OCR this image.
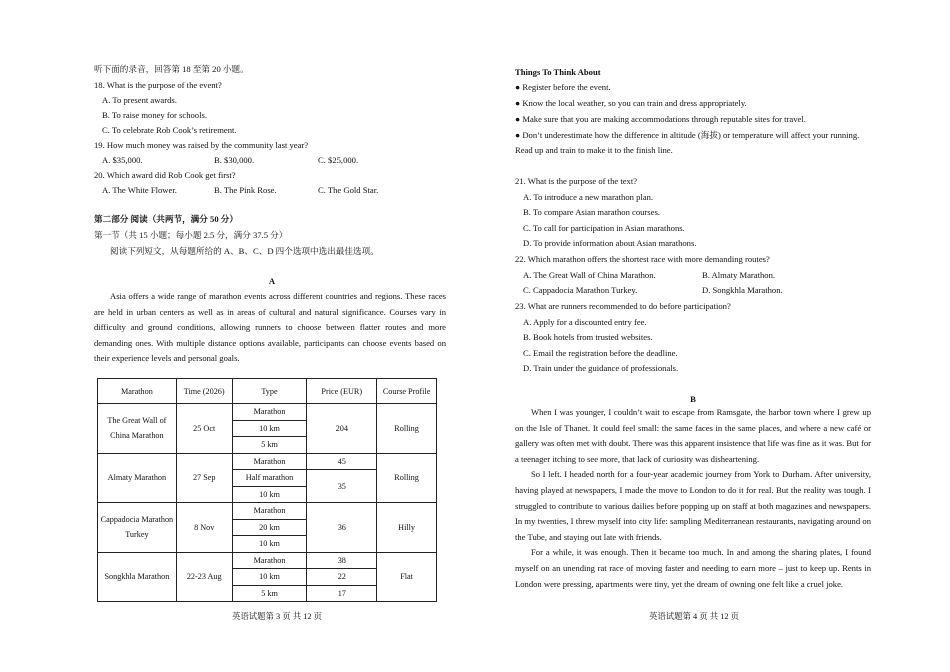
听下面的录音，回答第 18 至第 20 小题。
18. What is the purpose of the event?
A. To present awards.
B. To raise money for schools.
C. To celebrate Rob Cook’s retirement.
19. How much money was raised by the community last year?
A. $35,000.	B. $30,000.	C. $25,000.
20. Which award did Rob Cook get first?
A. The White Flower.	B. The Pink Rose.	C. The Gold Star.
第二部分 阅读（共两节，满分 50 分）
第一节（共 15 小题；每小题 2.5 分，满分 37.5 分）
阅读下列短文，从每题所给的 A、B、C、D 四个选项中选出最佳选项。
A

Asia offers a wide range of marathon events across different countries and regions. These races are held in urban centers as well as in areas of cultural and natural significance. Courses vary in difficulty and ground conditions, allowing runners to choose between flatter routes and more demanding ones. With multiple distance options available, participants can choose events based on their experience levels and personal goals.

Marathon	Time (2026)	Type	Price (EUR)	Course Profile
The Great Wall of China Marathon	25 Oct	Marathon	204	Rolling
		10 km		
		5 km		
Almaty Marathon	27 Sep	Marathon	45	Rolling
		Half marathon	35	
		10 km		
Cappadocia Marathon Turkey	8 Nov	Marathon	36	Hilly
		20 km		
		10 km		
Songkhla Marathon	22-23 Aug	Marathon	38	Flat
		10 km	22	
		5 km	17	
英语试题第 3 页 共 12 页
Things To Think About
● Register before the event.
● Know the local weather, so you can train and dress appropriately.
● Make sure that you are making accommodations through reputable sites for travel.
● Don’t underestimate how the difference in altitude (海拔) or temperature will affect your running.
Read up and train to make it to the finish line.
21. What is the purpose of the text?
A. To introduce a new marathon plan.
B. To compare Asian marathon courses.
C. To call for participation in Asian marathons.
D. To provide information about Asian marathons.
22. Which marathon offers the shortest race with more demanding routes?
A. The Great Wall of China Marathon.	B. Almaty Marathon.
C. Cappadocia Marathon Turkey.	D. Songkhla Marathon.
23. What are runners recommended to do before participation?
A. Apply for a discounted entry fee.
B. Book hotels from trusted websites.
C. Email the registration before the deadline.
D. Train under the guidance of professionals.
B

When I was younger, I couldn’t wait to escape from Ramsgate, the harbor town where I grew up on the Isle of Thanet. It could feel small: the same faces in the same places, and where a new café or gallery was often met with doubt. There was this apparent insistence that life was fine as it was. But for a teenager itching to see more, that lack of curiosity was disheartening.

So I left. I headed north for a four-year academic journey from York to Durham. After university, having played at newspapers, I made the move to London to do it for real. But the reality was tough. I struggled to contribute to various dailies before popping up on staff at both magazines and newspapers. In my twenties, I threw myself into city life: sampling Mediterranean restaurants, navigating around on the Tube, and staying out late with friends.

For a while, it was enough. Then it became too much. In and among the sharing plates, I found myself on an unending rat race of moving faster and needing to earn more – just to keep up. Rents in London were pressing, apartments were tiny, yet the dream of owning one felt like a cruel joke.

英语试题第 4 页 共 12 页
